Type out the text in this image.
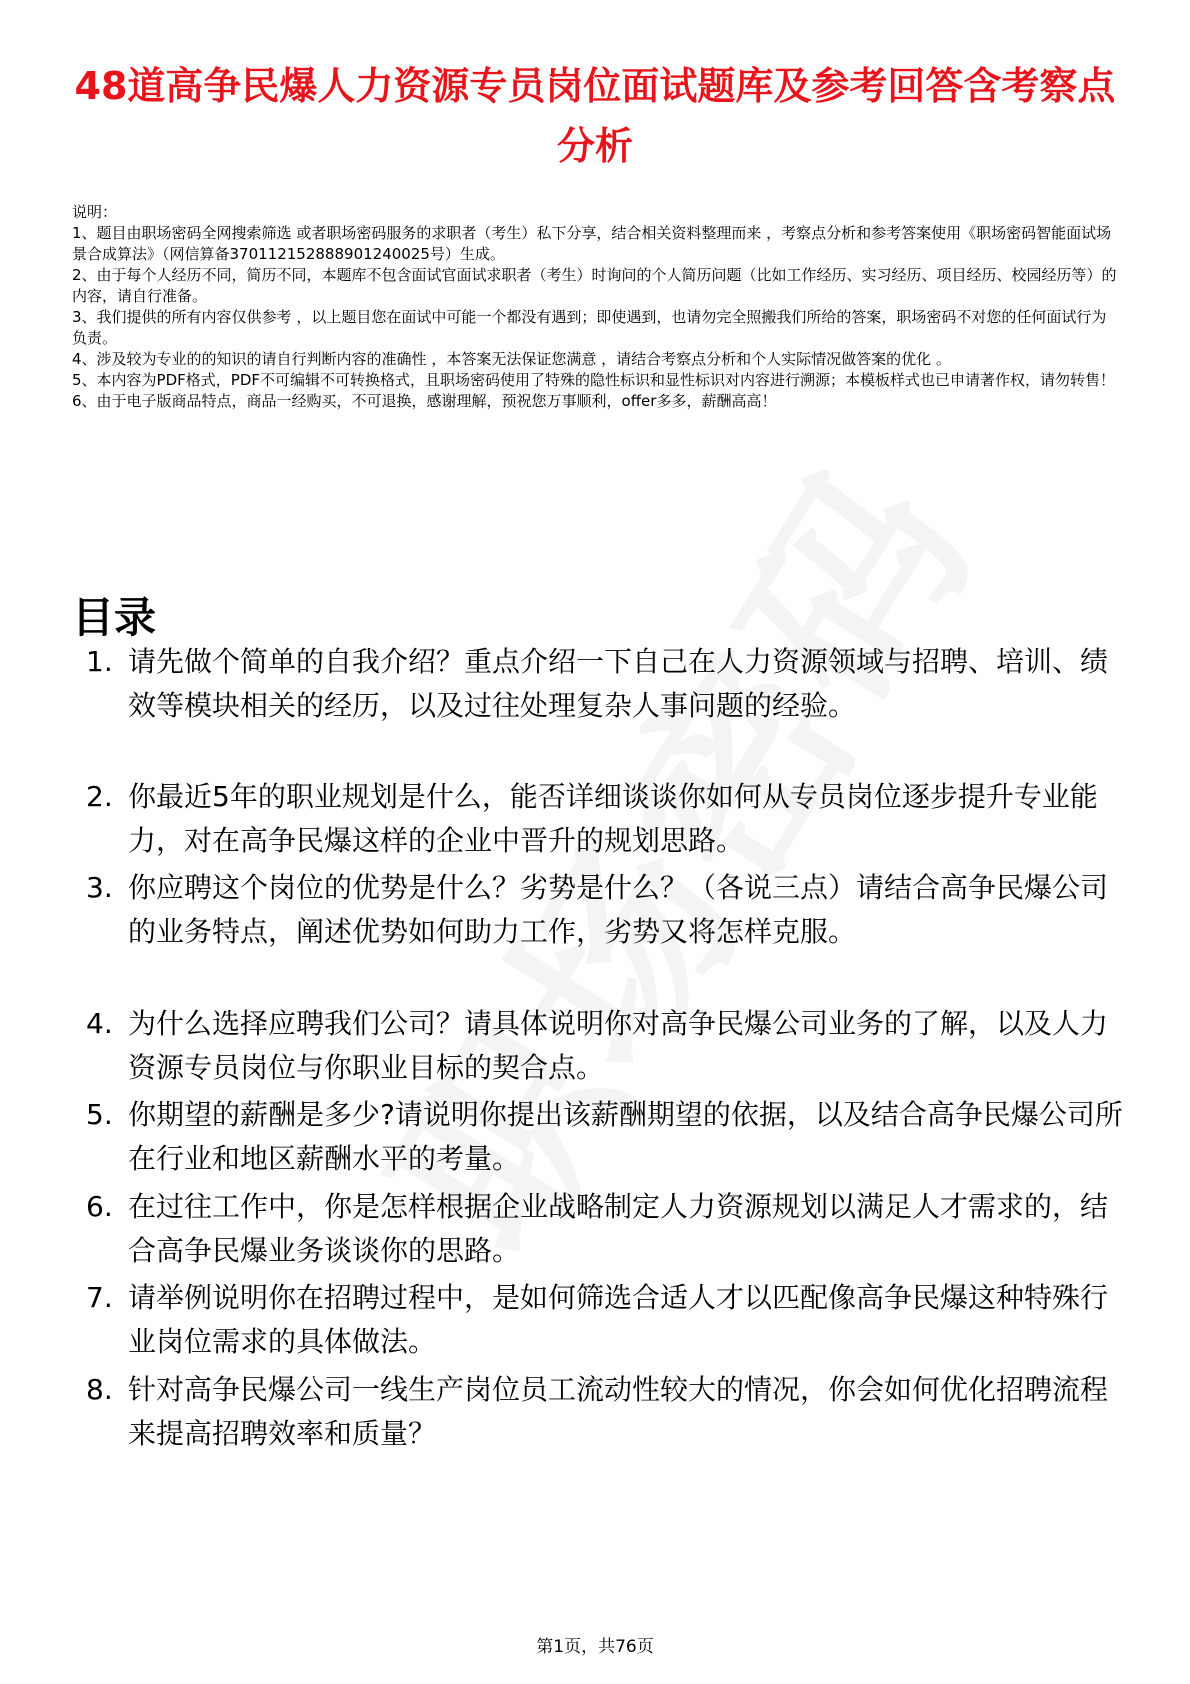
48道高争民爆人力资源专员岗位面试题库及参考回答含考察点分析

说明：

1、题目由职场密码全网搜索筛选 或者职场密码服务的求职者（考生）私下分享，结合相关资料整理而来 ，考察点分析和参考答案使用《职场密码智能面试场景合成算法》（网信算备370112152888901240025号）生成。

2、由于每个人经历不同，简历不同，本题库不包含面试官面试求职者（考生）时询问的个人简历问题（比如工作经历、实习经历、项目经历、校园经历等）的内容，请自行准备。

3、我们提供的所有内容仅供参考 ，以上题目您在面试中可能一个都没有遇到；即使遇到，也请勿完全照搬我们所给的答案，职场密码不对您的任何面试行为负责。

4、涉及较为专业的的知识的请自行判断内容的准确性 ，本答案无法保证您满意 ，请结合考察点分析和个人实际情况做答案的优化 。

5、本内容为PDF格式，PDF不可编辑不可转换格式，且职场密码使用了特殊的隐性标识和显性标识对内容进行溯源；本模板样式也已申请著作权，请勿转售！

6、由于电子版商品特点，商品一经购买，不可退换，感谢理解，预祝您万事顺利，offer多多，薪酬高高！

目录
1. 请先做个简单的自我介绍？重点介绍一下自己在人力资源领域与招聘、培训、绩效等模块相关的经历，以及过往处理复杂人事问题的经验。
2. 你最近5年的职业规划是什么，能否详细谈谈你如何从专员岗位逐步提升专业能力，对在高争民爆这样的企业中晋升的规划思路。
3. 你应聘这个岗位的优势是什么？劣势是什么？（各说三点）请结合高争民爆公司的业务特点，阐述优势如何助力工作，劣势又将怎样克服。
4. 为什么选择应聘我们公司？请具体说明你对高争民爆公司业务的了解，以及人力资源专员岗位与你职业目标的契合点。
5. 你期望的薪酬是多少?请说明你提出该薪酬期望的依据，以及结合高争民爆公司所在行业和地区薪酬水平的考量。
6. 在过往工作中，你是怎样根据企业战略制定人力资源规划以满足人才需求的，结合高争民爆业务谈谈你的思路。
7. 请举例说明你在招聘过程中，是如何筛选合适人才以匹配像高争民爆这种特殊行业岗位需求的具体做法。
8. 针对高争民爆公司一线生产岗位员工流动性较大的情况，你会如何优化招聘流程来提高招聘效率和质量？
第1页，共76页
